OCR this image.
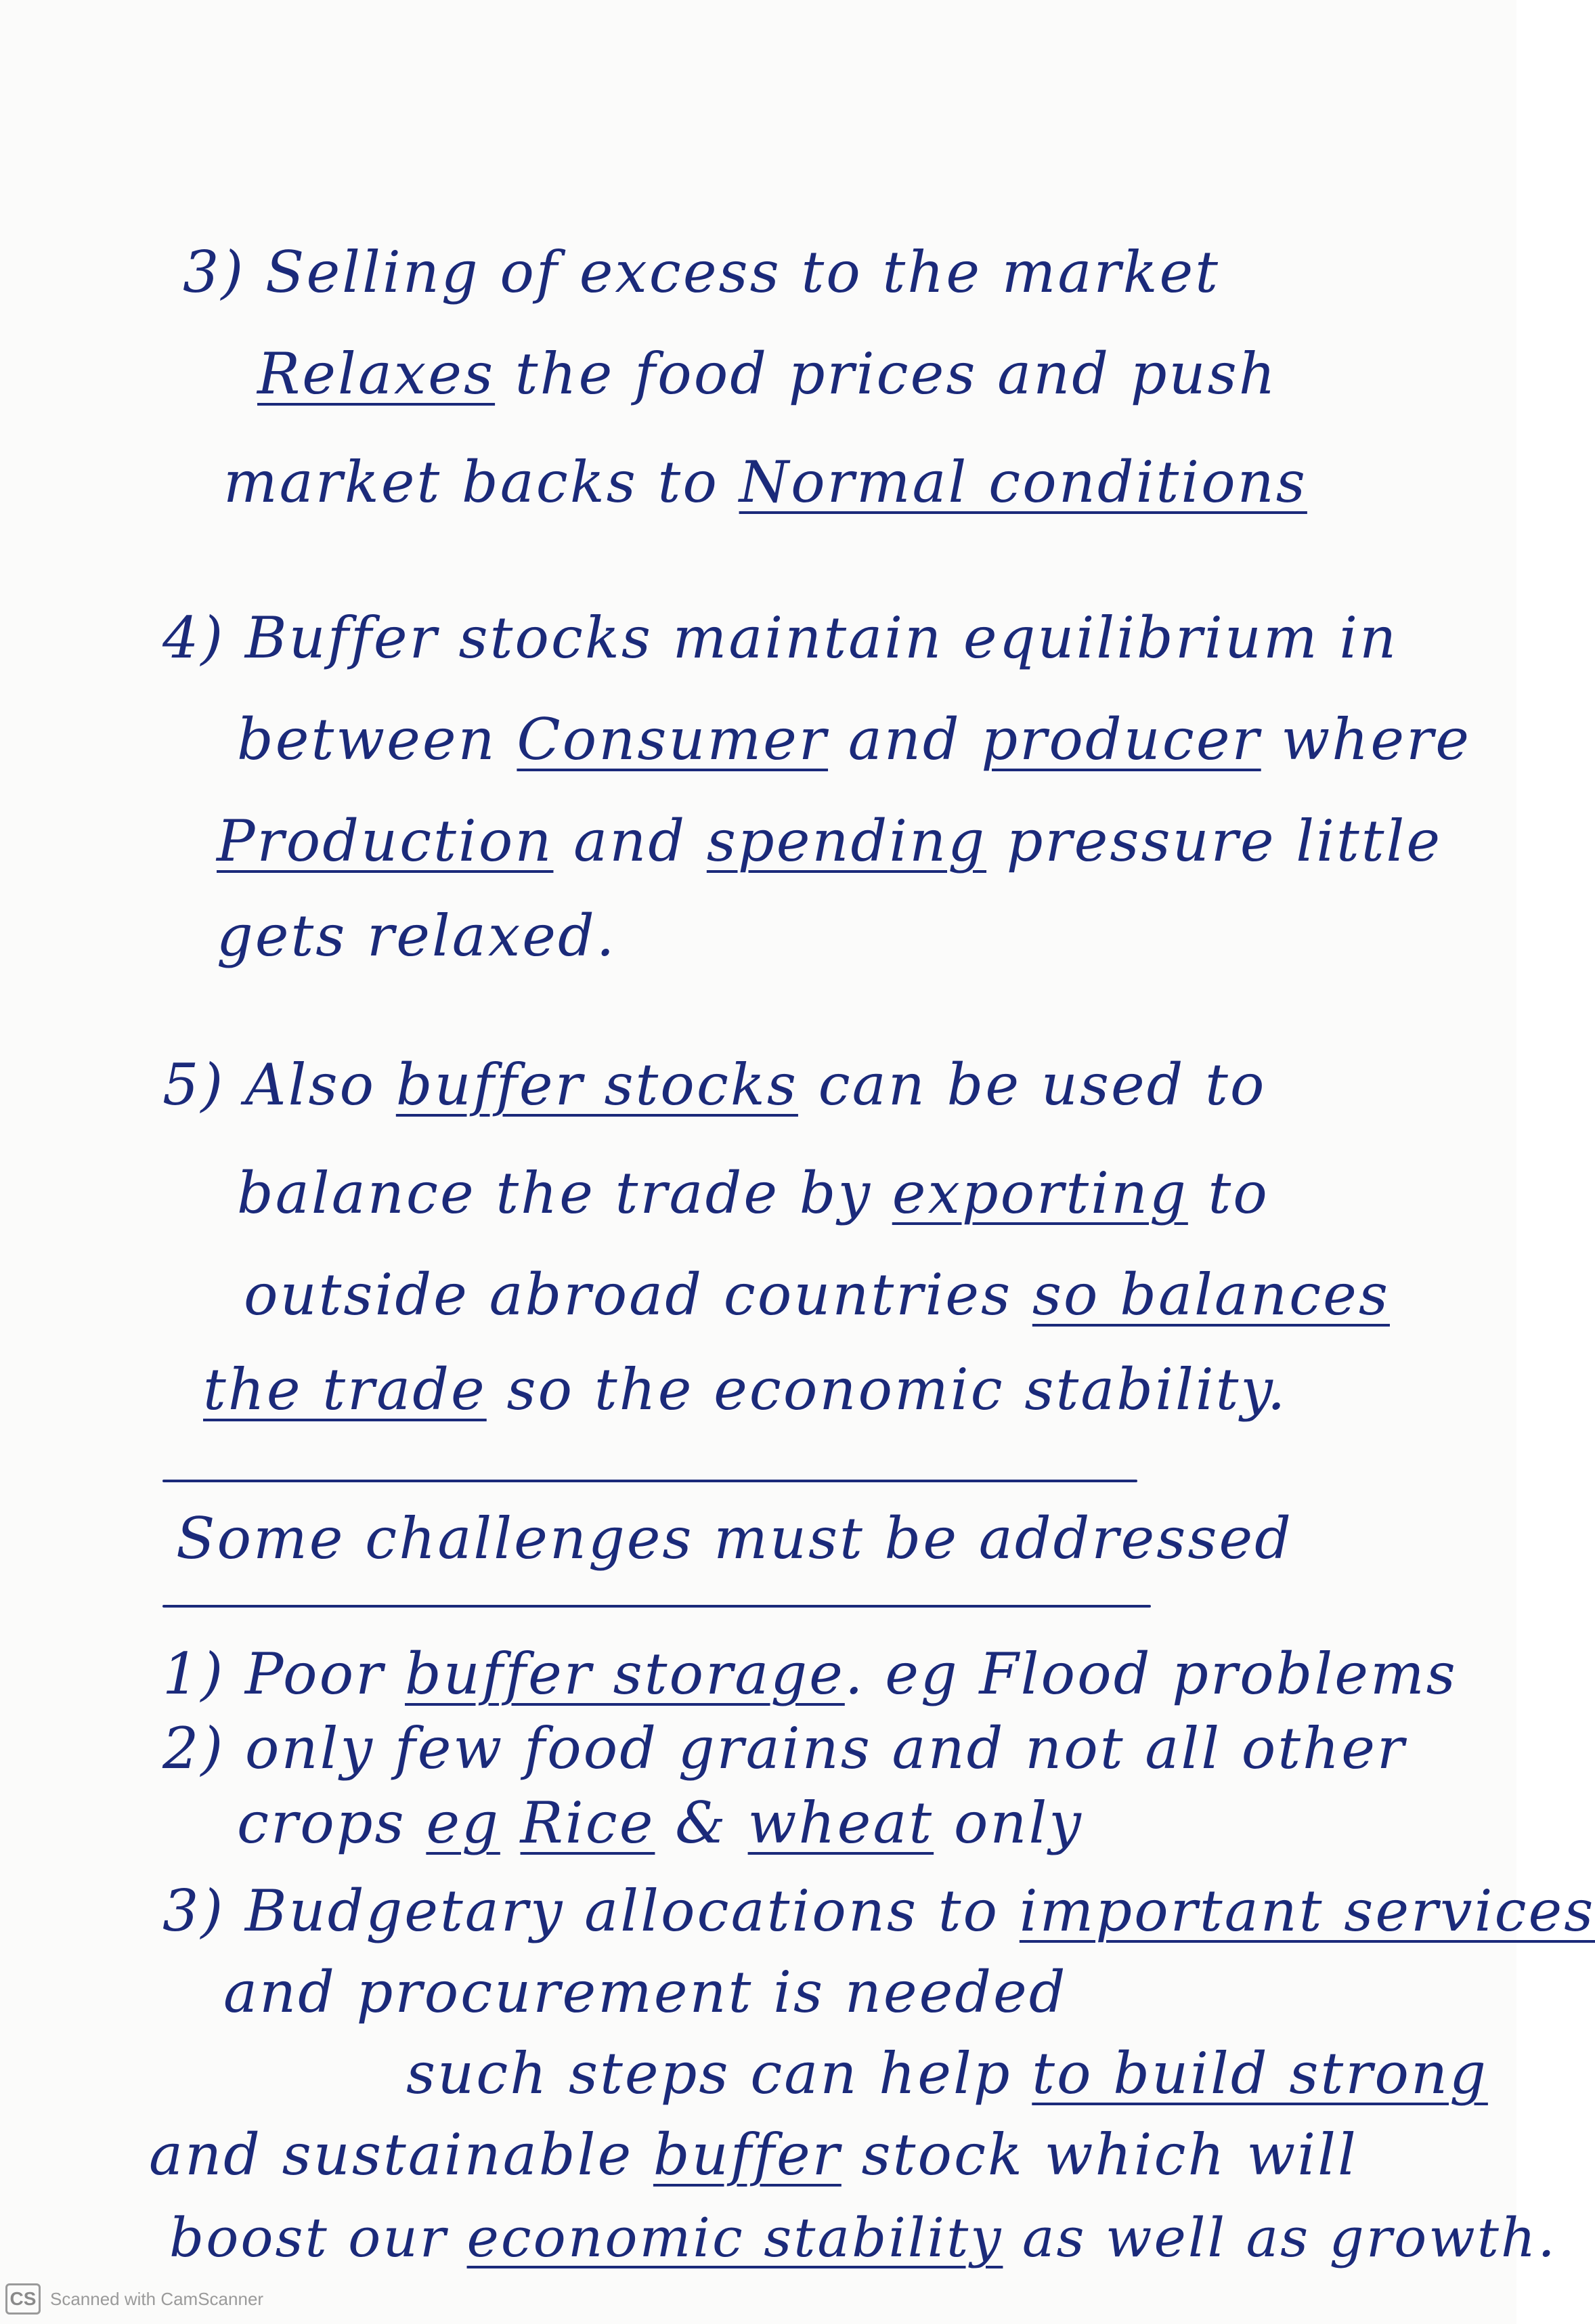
3) Selling of excess to the market
Relaxes the food prices and push
market backs to Normal conditions
4) Buffer stocks maintain equilibrium in
between Consumer and producer where
Production and spending pressure little
gets relaxed.
5) Also buffer stocks can be used to
balance the trade by exporting to
outside abroad countries so balances
the trade so the economic stability.
Some challenges must be addressed
1) Poor buffer storage. eg Flood problems
2) only few food grains and not all other
crops eg Rice & wheat only
3) Budgetary allocations to important services
and procurement is needed
such steps can help to build strong
and sustainable buffer stock which will
boost our economic stability as well as growth.
CS Scanned with CamScanner
